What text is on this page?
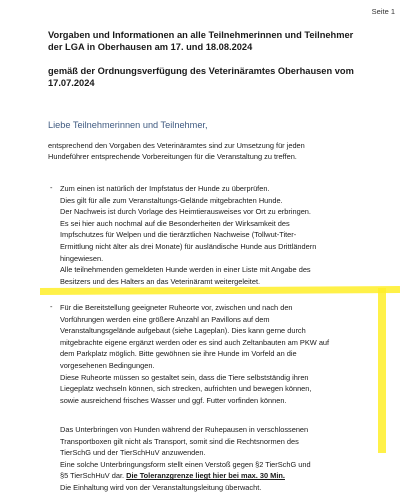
Seite 1
Vorgaben und Informationen an alle Teilnehmerinnen und Teilnehmer
der LGA in Oberhausen am 17. und 18.08.2024
gemäß der Ordnungsverfügung des Veterinäramtes Oberhausen vom
17.07.2024
Liebe Teilnehmerinnen und Teilnehmer,
entsprechend den Vorgaben des Veterinäramtes sind zur Umsetzung für jeden
Hundeführer entsprechende Vorbereitungen für die Veranstaltung zu treffen.
- Zum einen ist natürlich der Impfstatus der Hunde zu überprüfen.
Dies gilt für alle zum Veranstaltungs-Gelände mitgebrachten Hunde.
Der Nachweis ist durch Vorlage des Heimtierausweises vor Ort zu erbringen.
Es sei hier auch nochmal auf die Besonderheiten der Wirksamkeit des
Impfschutzes für Welpen und die tierärztlichen Nachweise (Tollwut-Titer-
Ermittlung nicht älter als drei Monate) für ausländische Hunde aus Drittländern
hingewiesen.
Alle teilnehmenden gemeldeten Hunde werden in einer Liste mit Angabe des
Besitzers und des Halters an das Veterinäramt weitergeleitet.
- Für die Bereitstellung geeigneter Ruheorte vor, zwischen und nach den
Vorführungen werden eine größere Anzahl an Pavillons auf dem
Veranstaltungsgelände aufgebaut (siehe Lageplan). Dies kann gerne durch
mitgebrachte eigene ergänzt werden oder es sind auch Zeltanbauten am PKW auf
dem Parkplatz möglich. Bitte gewöhnen sie ihre Hunde im Vorfeld an die
vorgesehenen Bedingungen.
Diese Ruheorte müssen so gestaltet sein, dass die Tiere selbstständig ihren
Liegeplatz wechseln können, sich strecken, aufrichten und bewegen können,
sowie ausreichend frisches Wasser und ggf. Futter vorfinden können.
Das Unterbringen von Hunden während der Ruhepausen in verschlossenen
Transportboxen gilt nicht als Transport, somit sind die Rechtsnormen des
TierSchG und der TierSchHuV anzuwenden.
Eine solche Unterbringungsform stellt einen Verstoß gegen §2 TierSchG und
§5 TierSchHuV dar. Die Toleranzgrenze liegt hier bei max. 30 Min.
Die Einhaltung wird von der Veranstaltungsleitung überwacht.
